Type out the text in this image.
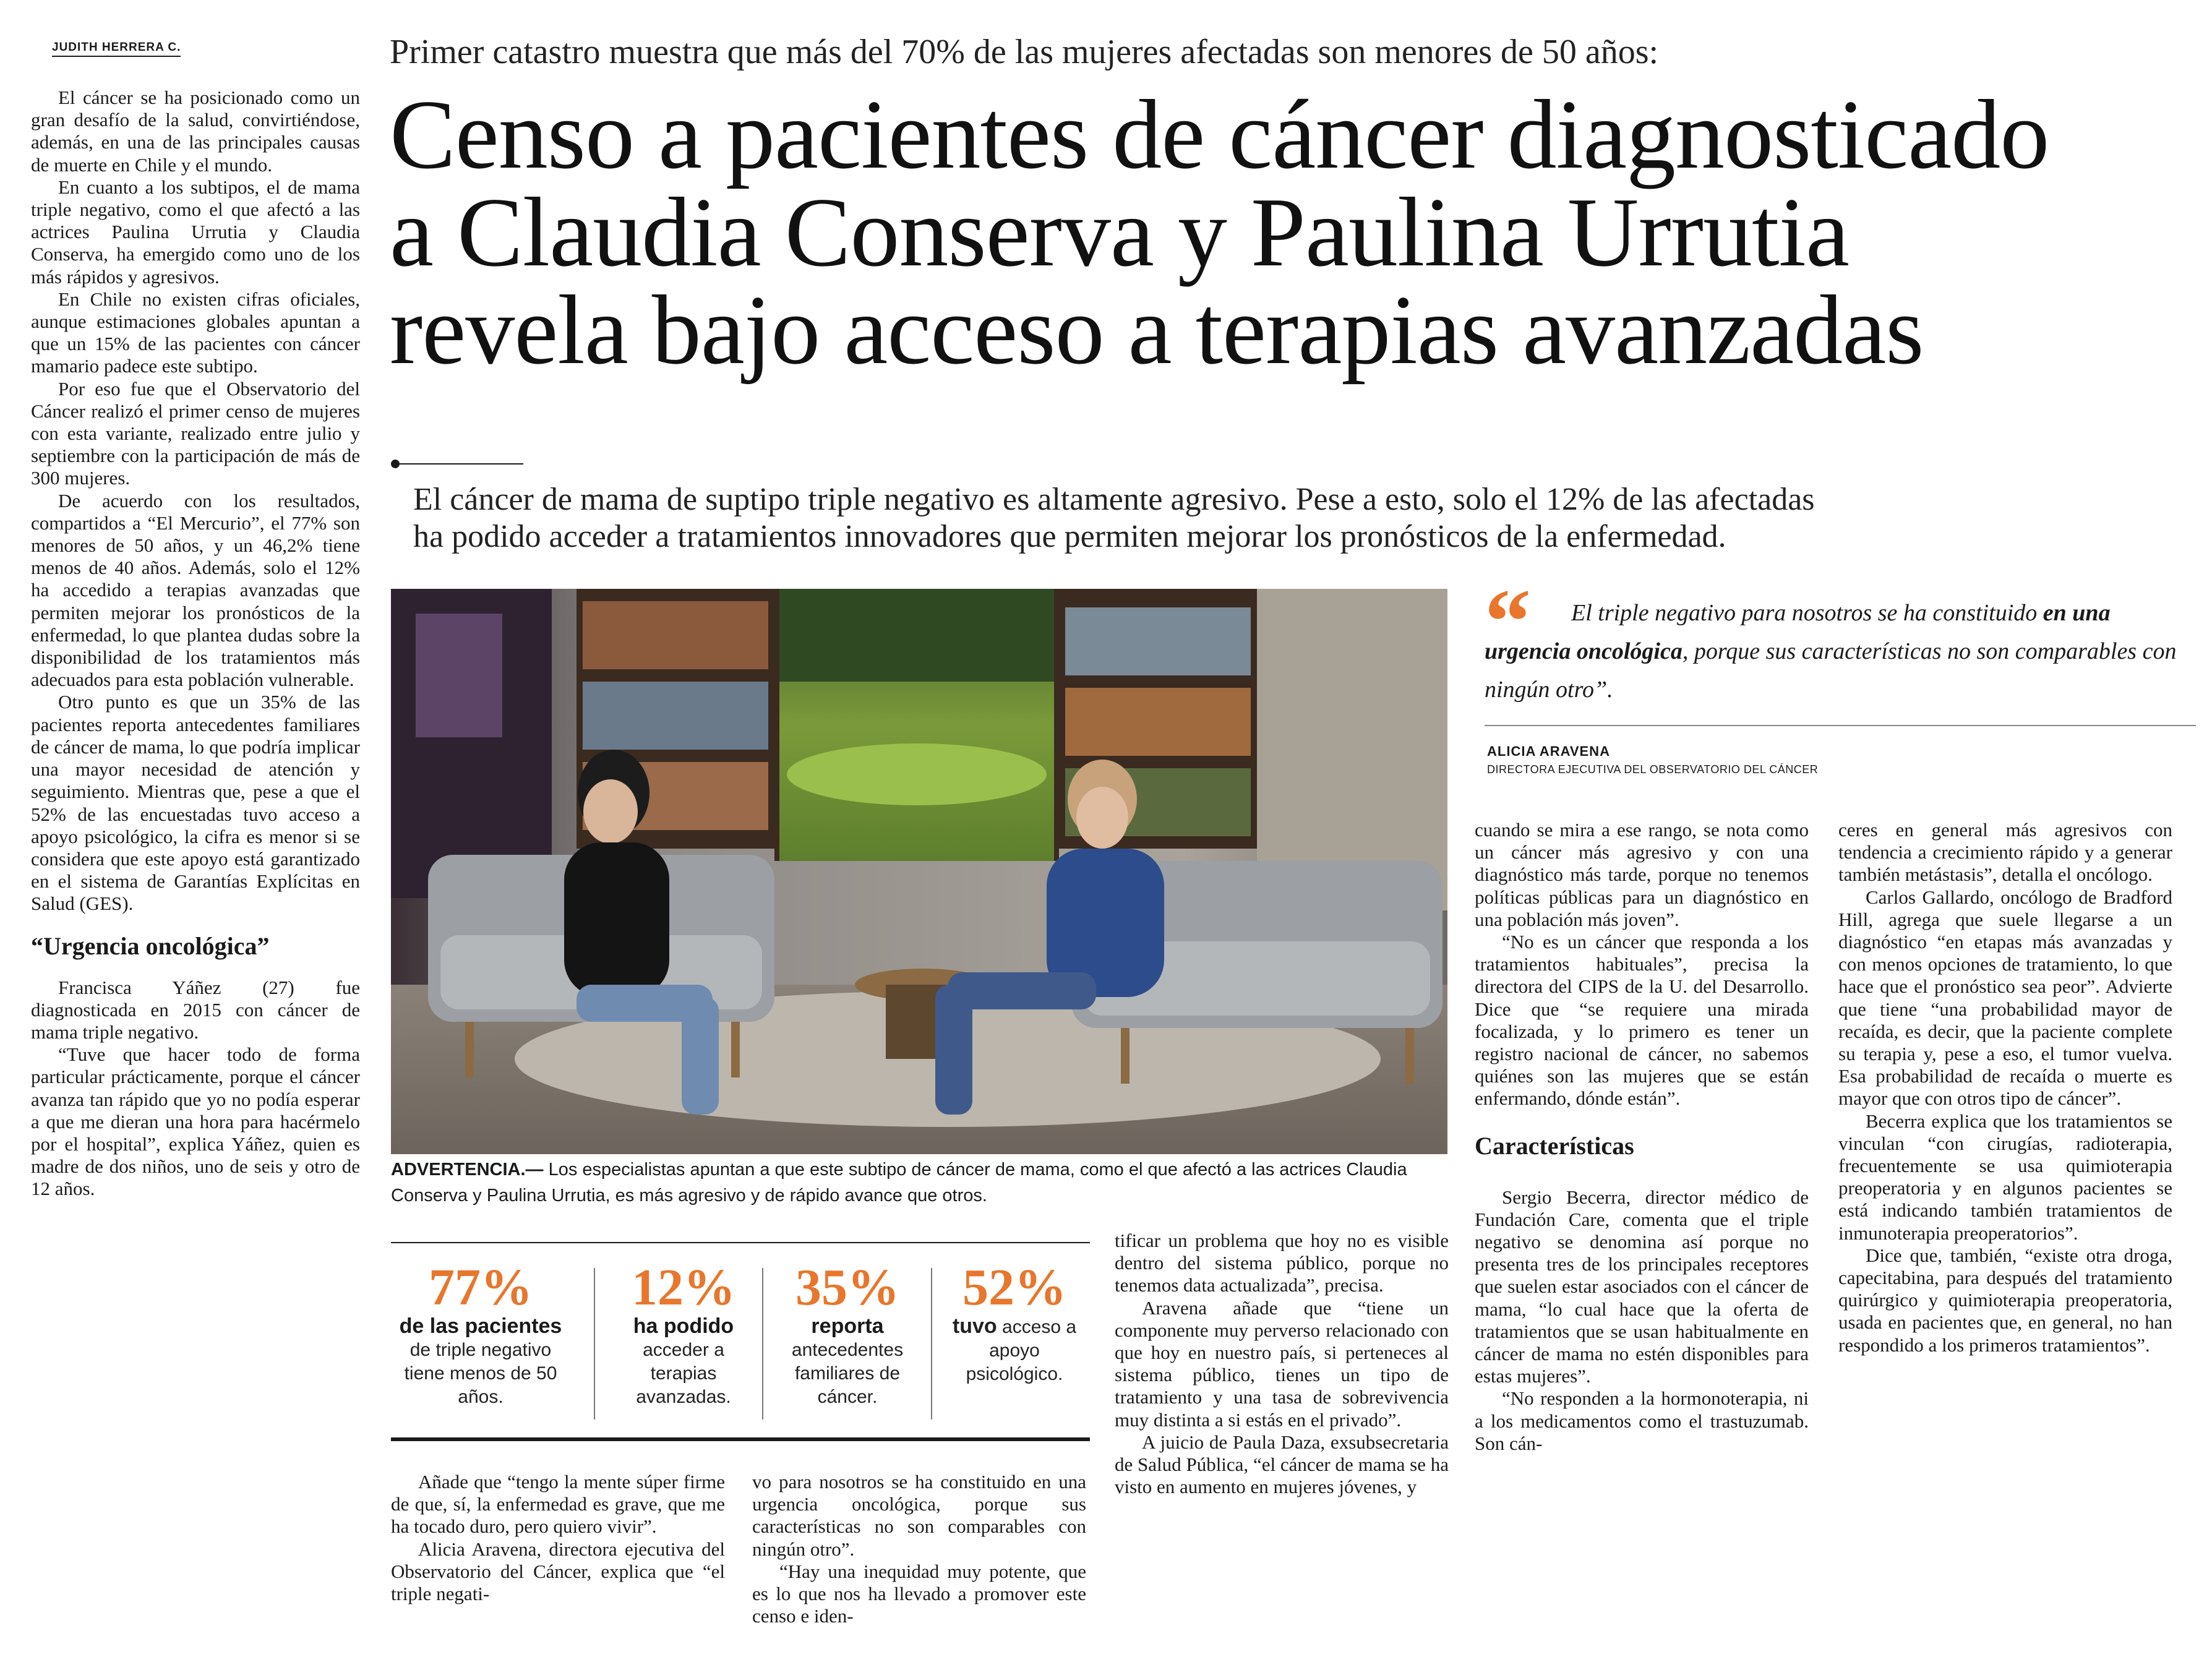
JUDITH HERRERA C.

El cáncer se ha posicionado como un gran desafío de la salud, convirtiéndose, además, en una de las principales causas de muerte en Chile y el mundo.

En cuanto a los subtipos, el de mama triple negativo, como el que afectó a las actrices Paulina Urrutia y Claudia Conserva, ha emergido como uno de los más rápidos y agresivos.

En Chile no existen cifras oficiales, aunque estimaciones globales apuntan a que un 15% de las pacientes con cáncer mamario padece este subtipo.

Por eso fue que el Observatorio del Cáncer realizó el primer censo de mujeres con esta variante, realizado entre julio y septiembre con la participación de más de 300 mujeres.

De acuerdo con los resultados, compartidos a “El Mercurio”, el 77% son menores de 50 años, y un 46,2% tiene menos de 40 años. Además, solo el 12% ha accedido a terapias avanzadas que permiten mejorar los pronósticos de la enfermedad, lo que plantea dudas sobre la disponibilidad de los tratamientos más adecuados para esta población vulnerable.

Otro punto es que un 35% de las pacientes reporta antecedentes familiares de cáncer de mama, lo que podría implicar una mayor necesidad de atención y seguimiento. Mientras que, pese a que el 52% de las encuestadas tuvo acceso a apoyo psicológico, la cifra es menor si se considera que este apoyo está garantizado en el sistema de Garantías Explícitas en Salud (GES).

“Urgencia oncológica”

Francisca Yáñez (27) fue diagnosticada en 2015 con cáncer de mama triple negativo.

“Tuve que hacer todo de forma particular prácticamente, porque el cáncer avanza tan rápido que yo no podía esperar a que me dieran una hora para hacérmelo por el hospital”, explica Yáñez, quien es madre de dos niños, uno de seis y otro de 12 años.

Primer catastro muestra que más del 70% de las mujeres afectadas son menores de 50 años:
Censo a pacientes de cáncer diagnosticado
a Claudia Conserva y Paulina Urrutia
revela bajo acceso a terapias avanzadas
El cáncer de mama de suptipo triple negativo es altamente agresivo. Pese a esto, solo el 12% de las afectadas
ha podido acceder a tratamientos innovadores que permiten mejorar los pronósticos de la enfermedad.
ADVERTENCIA.— Los especialistas apuntan a que este subtipo de cáncer de mama, como el que afectó a las actrices Claudia Conserva y Paulina Urrutia, es más agresivo y de rápido avance que otros.
77%
de las pacientes
de triple negativo tiene menos de 50 años.
12%
ha podido
acceder a terapias avanzadas.
35%
reporta
antecedentes familiares de cáncer.
52%
tuvo acceso a apoyo psicológico.

Añade que “tengo la mente súper firme de que, sí, la enfermedad es grave, que me ha tocado duro, pero quiero vivir”.

Alicia Aravena, directora ejecutiva del Observatorio del Cáncer, explica que “el triple negati-

vo para nosotros se ha constituido en una urgencia oncológica, porque sus características no son comparables con ningún otro”.

“Hay una inequidad muy potente, que es lo que nos ha llevado a promover este censo e iden-

tificar un problema que hoy no es visible dentro del sistema público, porque no tenemos data actualizada”, precisa.

Aravena añade que “tiene un componente muy perverso relacionado con que hoy en nuestro país, si perteneces al sistema público, tienes un tipo de tratamiento y una tasa de sobrevivencia muy distinta a si estás en el privado”.

A juicio de Paula Daza, exsubsecretaria de Salud Pública, “el cáncer de mama se ha visto en aumento en mujeres jóvenes, y

“	El triple negativo para nosotros se ha constituido en una urgencia oncológica, porque sus características no son comparables con ningún otro”.
ALICIA ARAVENA
DIRECTORA EJECUTIVA DEL OBSERVATORIO DEL CÁNCER

cuando se mira a ese rango, se nota como un cáncer más agresivo y con una diagnóstico más tarde, porque no tenemos políticas públicas para un diagnóstico en una población más joven”.

“No es un cáncer que responda a los tratamientos habituales”, precisa la directora del CIPS de la U. del Desarrollo. Dice que “se requiere una mirada focalizada, y lo primero es tener un registro nacional de cáncer, no sabemos quiénes son las mujeres que se están enfermando, dónde están”.

Características

Sergio Becerra, director médico de Fundación Care, comenta que el triple negativo se denomina así porque no presenta tres de los principales receptores que suelen estar asociados con el cáncer de mama, “lo cual hace que la oferta de tratamientos que se usan habitualmente en cáncer de mama no estén disponibles para estas mujeres”.

“No responden a la hormonoterapia, ni a los medicamentos como el trastuzumab. Son cán-

ceres en general más agresivos con tendencia a crecimiento rápido y a generar también metástasis”, detalla el oncólogo.

Carlos Gallardo, oncólogo de Bradford Hill, agrega que suele llegarse a un diagnóstico “en etapas más avanzadas y con menos opciones de tratamiento, lo que hace que el pronóstico sea peor”. Advierte que tiene “una probabilidad mayor de recaída, es decir, que la paciente complete su terapia y, pese a eso, el tumor vuelva. Esa probabilidad de recaída o muerte es mayor que con otros tipo de cáncer”.

Becerra explica que los tratamientos se vinculan “con cirugías, radioterapia, frecuentemente se usa quimioterapia preoperatoria y en algunos pacientes se está indicando también tratamientos de inmunoterapia preoperatorios”.

Dice que, también, “existe otra droga, capecitabina, para después del tratamiento quirúrgico y quimioterapia preoperatoria, usada en pacientes que, en general, no han respondido a los primeros tratamientos”.
